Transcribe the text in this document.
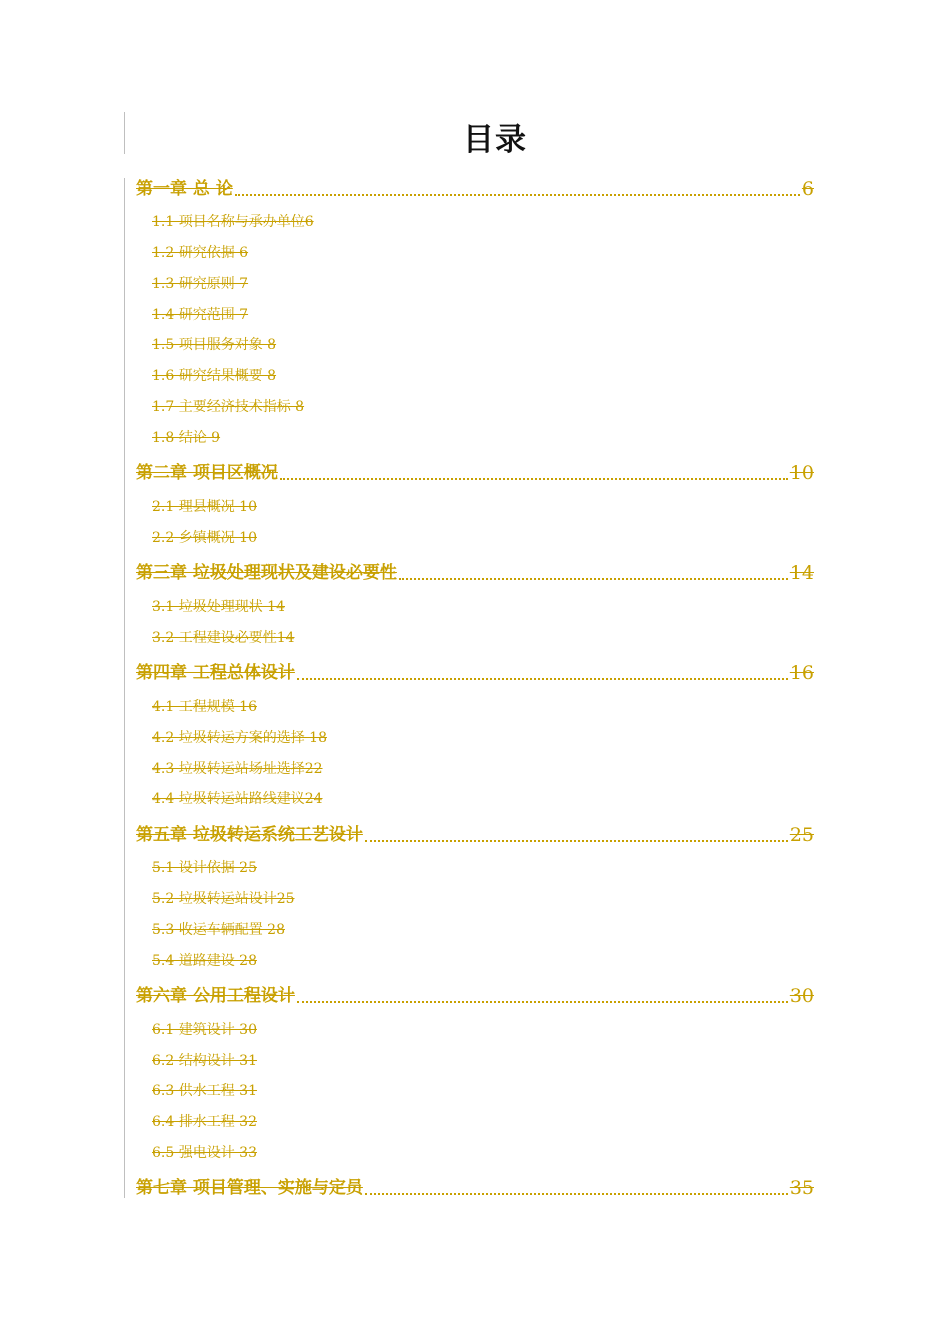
目录
第一章 总 论	6
1.1 项目名称与承办单位6
1.2 研究依据 6
1.3 研究原则 7
1.4 研究范围 7
1.5 项目服务对象 8
1.6 研究结果概要 8
1.7 主要经济技术指标 8
1.8 结论 9
第二章 项目区概况	10
2.1 理县概况 10
2.2 乡镇概况 10
第三章 垃圾处理现状及建设必要性	14
3.1 垃圾处理现状 14
3.2 工程建设必要性14
第四章 工程总体设计	16
4.1 工程规模 16
4.2 垃圾转运方案的选择 18
4.3 垃圾转运站场址选择22
4.4 垃圾转运站路线建议24
第五章 垃圾转运系统工艺设计	25
5.1 设计依据 25
5.2 垃圾转运站设计25
5.3 收运车辆配置 28
5.4 道路建设 28
第六章 公用工程设计	30
6.1 建筑设计 30
6.2 结构设计 31
6.3 供水工程 31
6.4 排水工程 32
6.5 强电设计 33
第七章 项目管理、实施与定员	35
